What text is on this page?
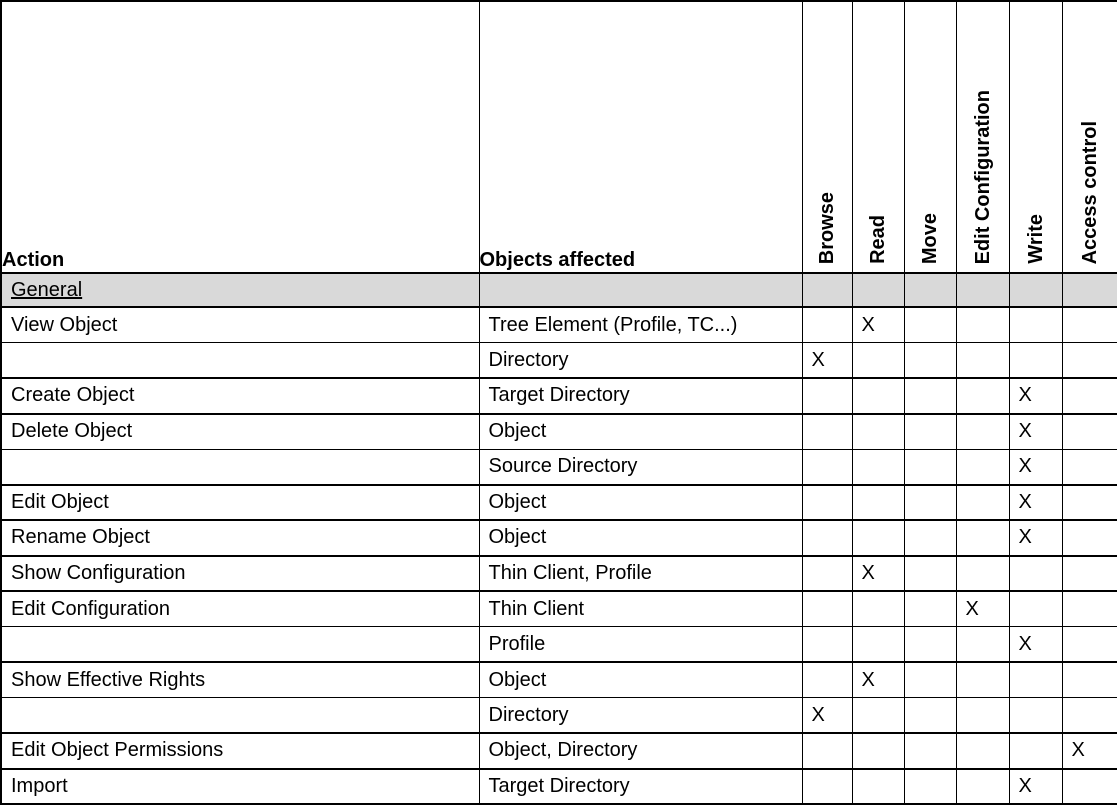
Action	Objects affected	Browse	Read	Move	Edit Configuration	Write	Access control

General							
View Object	Tree Element (Profile, TC...)		X				
	Directory	X					
Create Object	Target Directory					X	
Delete Object	Object					X	
	Source Directory					X	
Edit Object	Object					X	
Rename Object	Object					X	
Show Configuration	Thin Client, Profile		X				
Edit Configuration	Thin Client				X		
	Profile					X	
Show Effective Rights	Object		X				
	Directory	X					
Edit Object Permissions	Object, Directory						X
Import	Target Directory					X	
